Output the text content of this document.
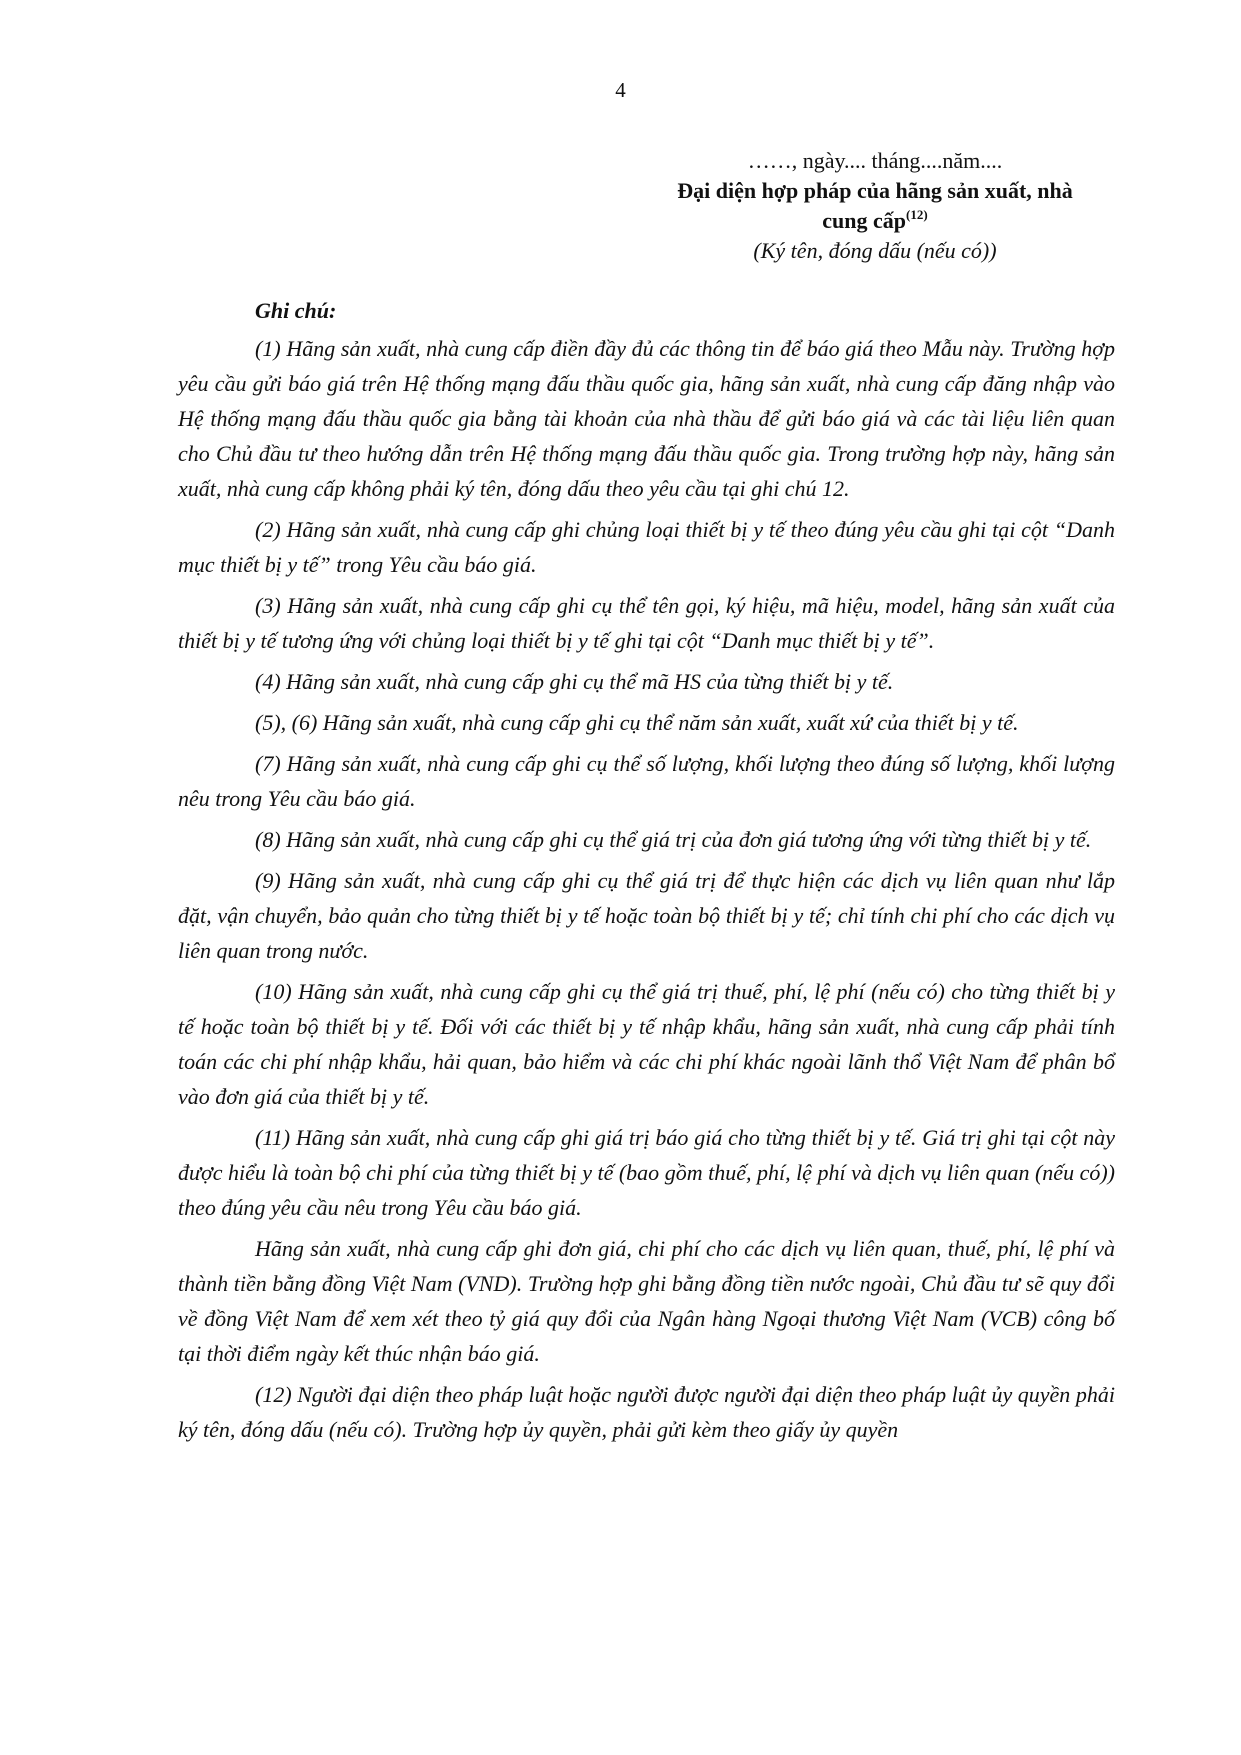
4
……, ngày.... tháng....năm....
Đại diện hợp pháp của hãng sản xuất, nhà
cung cấp$^{(12)}$
(Ký tên, đóng dấu (nếu có))

Ghi chú:

(1) Hãng sản xuất, nhà cung cấp điền đầy đủ các thông tin để báo giá theo Mẫu này. Trường hợp yêu cầu gửi báo giá trên Hệ thống mạng đấu thầu quốc gia, hãng sản xuất, nhà cung cấp đăng nhập vào Hệ thống mạng đấu thầu quốc gia bằng tài khoản của nhà thầu để gửi báo giá và các tài liệu liên quan cho Chủ đầu tư theo hướng dẫn trên Hệ thống mạng đấu thầu quốc gia. Trong trường hợp này, hãng sản xuất, nhà cung cấp không phải ký tên, đóng dấu theo yêu cầu tại ghi chú 12.

(2) Hãng sản xuất, nhà cung cấp ghi chủng loại thiết bị y tế theo đúng yêu cầu ghi tại cột “Danh mục thiết bị y tế” trong Yêu cầu báo giá.

(3) Hãng sản xuất, nhà cung cấp ghi cụ thể tên gọi, ký hiệu, mã hiệu, model, hãng sản xuất của thiết bị y tế tương ứng với chủng loại thiết bị y tế ghi tại cột “Danh mục thiết bị y tế”.

(4) Hãng sản xuất, nhà cung cấp ghi cụ thể mã HS của từng thiết bị y tế.

(5), (6) Hãng sản xuất, nhà cung cấp ghi cụ thể năm sản xuất, xuất xứ của thiết bị y tế.

(7) Hãng sản xuất, nhà cung cấp ghi cụ thể số lượng, khối lượng theo đúng số lượng, khối lượng nêu trong Yêu cầu báo giá.

(8) Hãng sản xuất, nhà cung cấp ghi cụ thể giá trị của đơn giá tương ứng với từng thiết bị y tế.

(9) Hãng sản xuất, nhà cung cấp ghi cụ thể giá trị để thực hiện các dịch vụ liên quan như lắp đặt, vận chuyển, bảo quản cho từng thiết bị y tế hoặc toàn bộ thiết bị y tế; chỉ tính chi phí cho các dịch vụ liên quan trong nước.

(10) Hãng sản xuất, nhà cung cấp ghi cụ thể giá trị thuế, phí, lệ phí (nếu có) cho từng thiết bị y tế hoặc toàn bộ thiết bị y tế. Đối với các thiết bị y tế nhập khẩu, hãng sản xuất, nhà cung cấp phải tính toán các chi phí nhập khẩu, hải quan, bảo hiểm và các chi phí khác ngoài lãnh thổ Việt Nam để phân bổ vào đơn giá của thiết bị y tế.

(11) Hãng sản xuất, nhà cung cấp ghi giá trị báo giá cho từng thiết bị y tế. Giá trị ghi tại cột này được hiểu là toàn bộ chi phí của từng thiết bị y tế (bao gồm thuế, phí, lệ phí và dịch vụ liên quan (nếu có)) theo đúng yêu cầu nêu trong Yêu cầu báo giá.

Hãng sản xuất, nhà cung cấp ghi đơn giá, chi phí cho các dịch vụ liên quan, thuế, phí, lệ phí và thành tiền bằng đồng Việt Nam (VND). Trường hợp ghi bằng đồng tiền nước ngoài, Chủ đầu tư sẽ quy đổi về đồng Việt Nam để xem xét theo tỷ giá quy đổi của Ngân hàng Ngoại thương Việt Nam (VCB) công bố tại thời điểm ngày kết thúc nhận báo giá.

(12) Người đại diện theo pháp luật hoặc người được người đại diện theo pháp luật ủy quyền phải ký tên, đóng dấu (nếu có). Trường hợp ủy quyền, phải gửi kèm theo giấy ủy quyền
